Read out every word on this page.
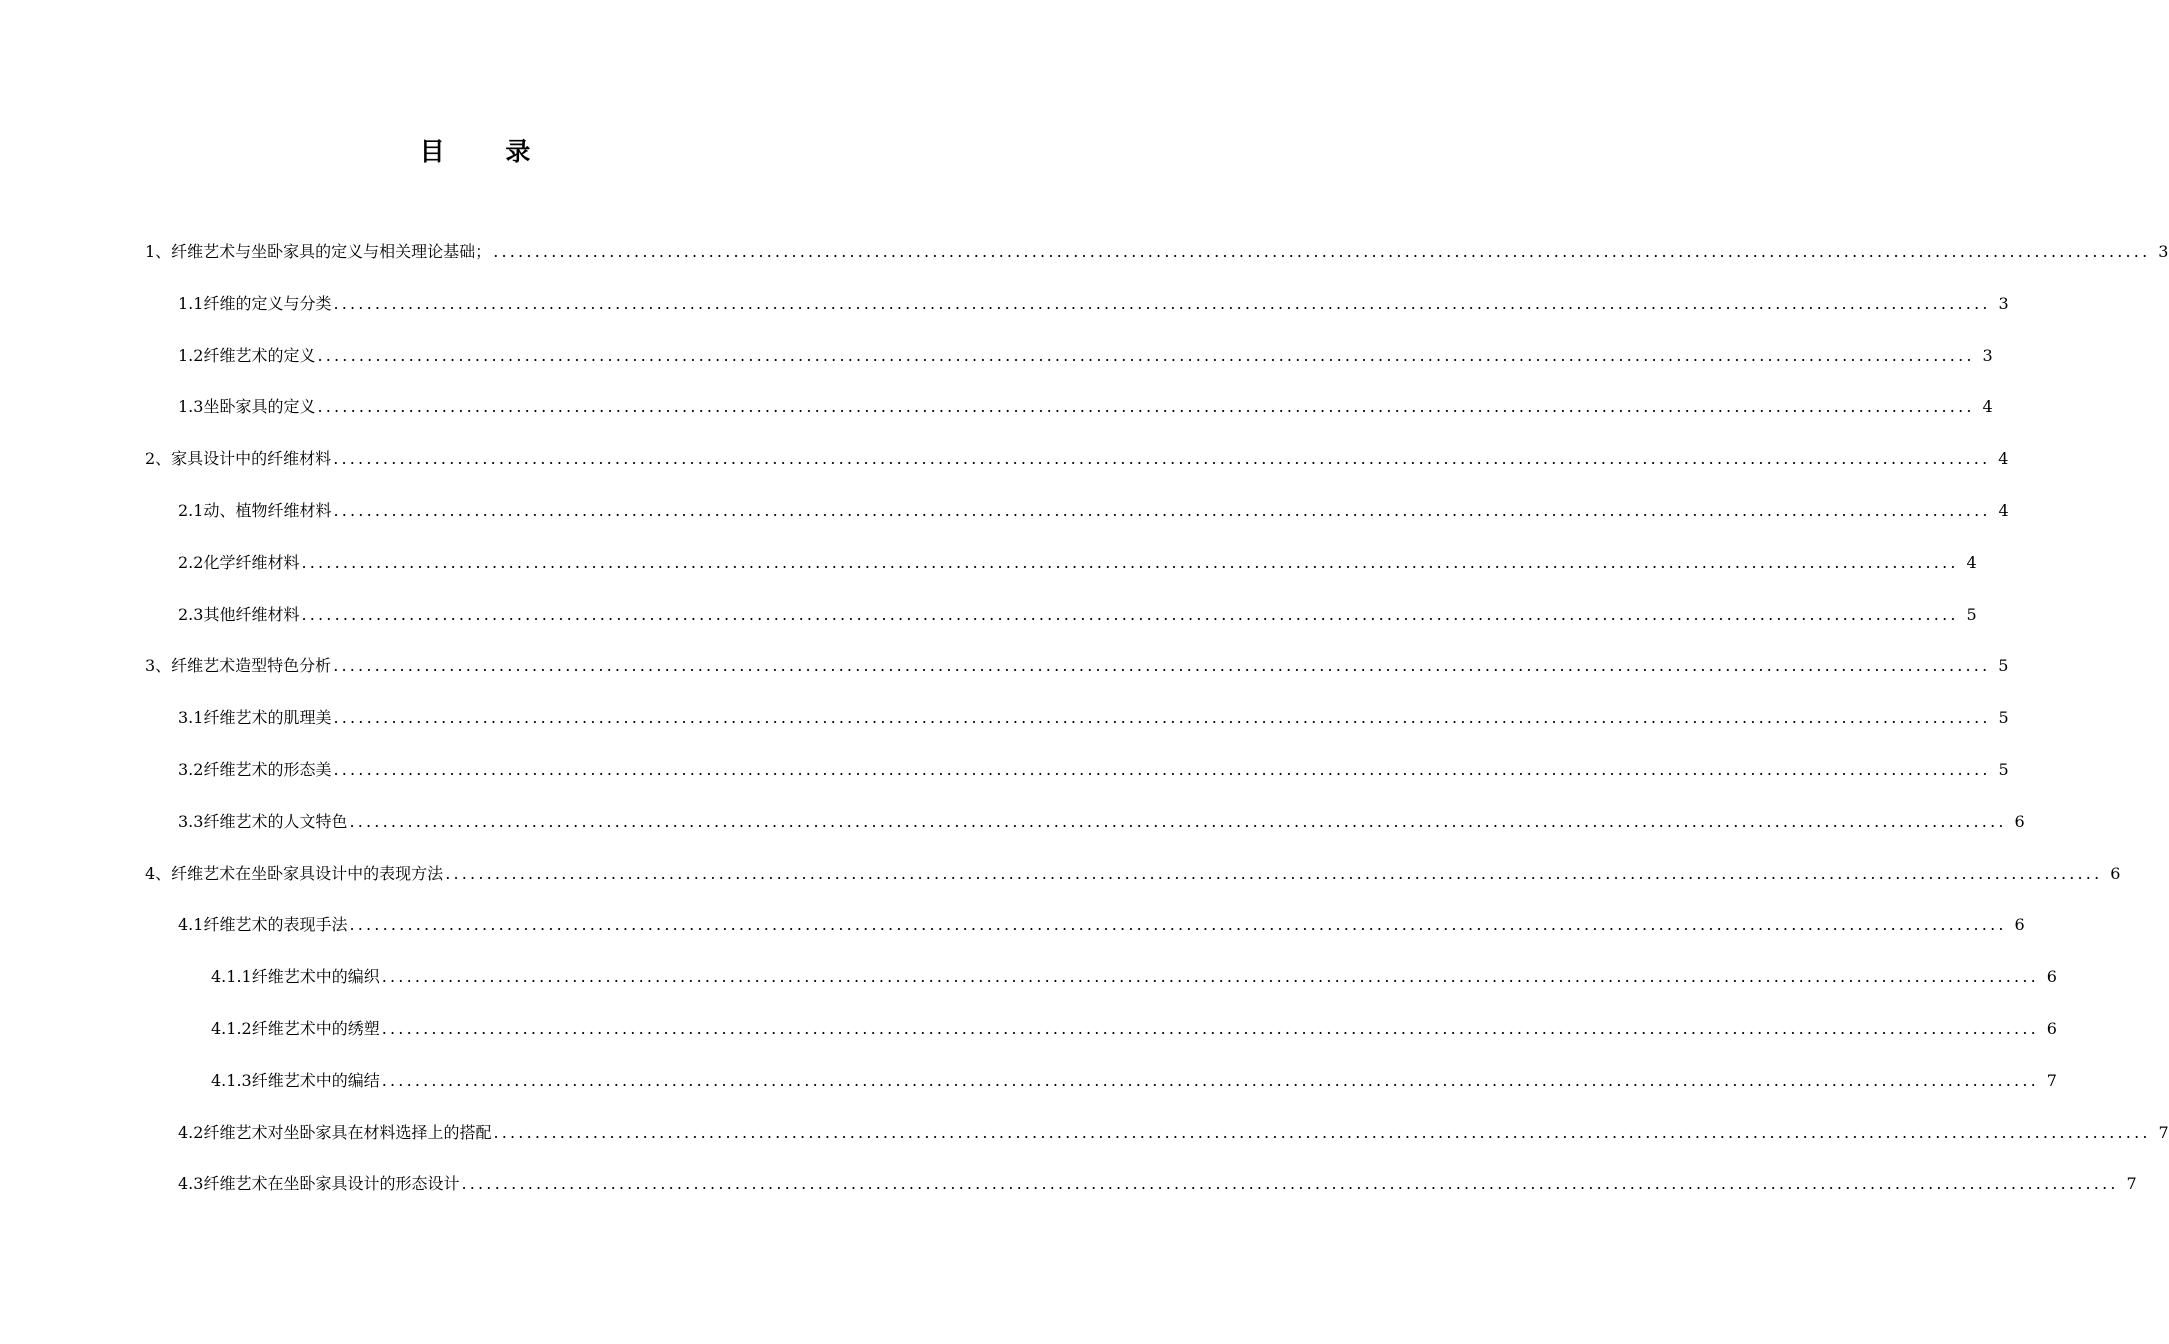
目 录
1、纤维艺术与坐卧家具的定义与相关理论基础； ........................................................................................................................................................................................................ 3
1.1纤维的定义与分类 ........................................................................................................................................................................................................ 3
1.2纤维艺术的定义 ........................................................................................................................................................................................................ 3
1.3坐卧家具的定义 ........................................................................................................................................................................................................ 4
2、家具设计中的纤维材料 ........................................................................................................................................................................................................ 4
2.1动、植物纤维材料 ........................................................................................................................................................................................................ 4
2.2化学纤维材料 ........................................................................................................................................................................................................ 4
2.3其他纤维材料 ........................................................................................................................................................................................................ 5
3、纤维艺术造型特色分析 ........................................................................................................................................................................................................ 5
3.1纤维艺术的肌理美 ........................................................................................................................................................................................................ 5
3.2纤维艺术的形态美 ........................................................................................................................................................................................................ 5
3.3纤维艺术的人文特色 ........................................................................................................................................................................................................ 6
4、纤维艺术在坐卧家具设计中的表现方法 ........................................................................................................................................................................................................ 6
4.1纤维艺术的表现手法 ........................................................................................................................................................................................................ 6
4.1.1纤维艺术中的编织 ........................................................................................................................................................................................................ 6
4.1.2纤维艺术中的绣塑 ........................................................................................................................................................................................................ 6
4.1.3纤维艺术中的编结 ........................................................................................................................................................................................................ 7
4.2纤维艺术对坐卧家具在材料选择上的搭配 ........................................................................................................................................................................................................ 7
4.3纤维艺术在坐卧家具设计的形态设计 ........................................................................................................................................................................................................ 7
